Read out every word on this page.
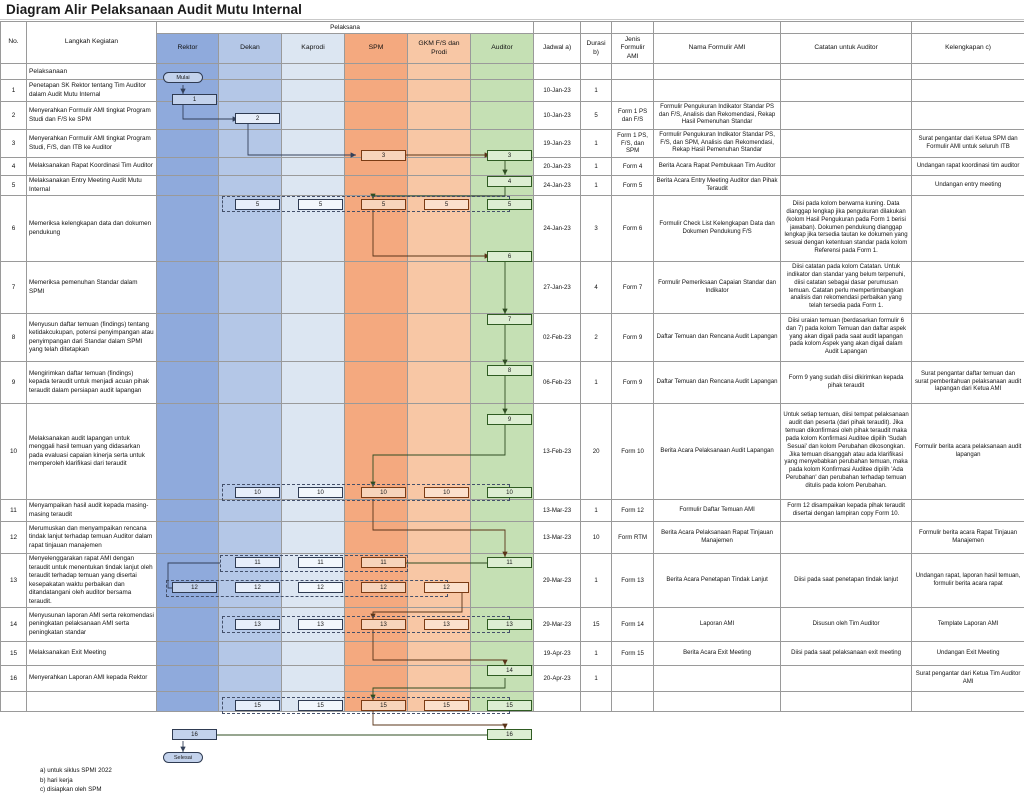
Diagram Alir Pelaksanaan Audit Mutu Internal
No.	Langkah Kegiatan	Pelaksana											
		Rektor	Dekan	Kaprodi	SPM	GKM F/S dan Prodi	Auditor	Jadwal a)	Durasi b)	Jenis Formulir AMI	Nama Formulir AMI	Catatan untuk Auditor	Kelengkapan c)
	Pelaksanaan												
1	Penetapan SK Rektor tentang Tim Auditor dalam Audit Mutu Internal							10-Jan-23	1				
2	Menyerahkan Formulir AMI tingkat Program Studi dan F/S ke SPM							10-Jan-23	5	Form 1 PS dan F/S	Formulir Pengukuran Indikator Standar PS dan F/S, Analisis dan Rekomendasi, Rekap Hasil Pemenuhan Standar		
3	Menyerahkan Formulir AMI tingkat Program Studi, F/S, dan ITB ke Auditor							19-Jan-23	1	Form 1 PS, F/S, dan SPM	Formulir Pengukuran Indikator Standar PS, F/S, dan SPM, Analisis dan Rekomendasi, Rekap Hasil Pemenuhan Standar		Surat pengantar dari Ketua SPM dan Formulir AMI untuk seluruh ITB
4	Melaksanakan Rapat Koordinasi Tim Auditor							20-Jan-23	1	Form 4	Berita Acara Rapat Pembukaan Tim Auditor		Undangan rapat koordinasi tim auditor
5	Melaksanakan Entry Meeting Audit Mutu Internal							24-Jan-23	1	Form 5	Berita Acara Entry Meeting Auditor dan Pihak Teraudit		Undangan entry meeting
6	Memeriksa kelengkapan data dan dokumen pendukung							24-Jan-23	3	Form 6	Formulir Check List Kelengkapan Data dan Dokumen Pendukung F/S	Diisi pada kolom berwarna kuning. Data dianggap lengkap jika pengukuran dilakukan (kolom Hasil Pengukuran pada Form 1 berisi jawaban). Dokumen pendukung dianggap lengkap jika tersedia tautan ke dokumen yang sesuai dengan ketentuan standar pada kolom Referensi pada Form 1.	
7	Memeriksa pemenuhan Standar dalam SPMI							27-Jan-23	4	Form 7	Formulir Pemeriksaan Capaian Standar dan Indikator	Diisi catatan pada kolom Catatan. Untuk indikator dan standar yang belum terpenuhi, diisi catatan sebagai dasar perumusan temuan. Catatan perlu mempertimbangkan analisis dan rekomendasi perbaikan yang telah tersedia pada Form 1.	
8	Menyusun daftar temuan (findings) tentang ketidakcukupan, potensi penyimpangan atau penyimpangan dari Standar dalam SPMI yang telah ditetapkan							02-Feb-23	2	Form 9	Daftar Temuan dan Rencana Audit Lapangan	Diisi uraian temuan (berdasarkan formulir 6 dan 7) pada kolom Temuan dan daftar aspek yang akan digali pada saat audit lapangan pada kolom Aspek yang akan digali dalam Audit Lapangan	
9	Mengirimkan daftar temuan (findings) kepada teraudit untuk menjadi acuan pihak teraudit dalam persiapan audit lapangan							06-Feb-23	1	Form 9	Daftar Temuan dan Rencana Audit Lapangan	Form 9 yang sudah diisi dikirimkan kepada pihak teraudit	Surat pengantar daftar temuan dan surat pemberitahuan pelaksanaan audit lapangan dari Ketua AMI
10	Melaksanakan audit lapangan untuk menggali hasil temuan yang didasarkan pada evaluasi capaian kinerja serta untuk memperoleh klarifikasi dari teraudit							13-Feb-23	20	Form 10	Berita Acara Pelaksanaan Audit Lapangan	Untuk setiap temuan, diisi tempat pelaksanaan audit dan peserta (dari pihak teraudit). Jika temuan dikonfirmasi oleh pihak teraudit maka pada kolom Konfirmasi Auditee dipilih 'Sudah Sesuai' dan kolom Perubahan dikosongkan. Jika temuan disanggah atau ada klarifikasi yang menyebabkan perubahan temuan, maka pada kolom Konfirmasi Auditee dipilih 'Ada Perubahan' dan perubahan terhadap temuan ditulis pada kolom Perubahan.	Formulir berita acara pelaksanaan audit lapangan
11	Menyampaikan hasil audit kepada masing-masing teraudit							13-Mar-23	1	Form 12	Formulir Daftar Temuan AMI	Form 12 disampaikan kepada pihak teraudit disertai dengan lampiran copy Form 10.	
12	Merumuskan dan menyampaikan rencana tindak lanjut terhadap temuan Auditor dalam rapat tinjauan manajemen							13-Mar-23	10	Form RTM	Berita Acara Pelaksanaan Rapat Tinjauan Manajemen		Formulir berita acara Rapat Tinjauan Manajemen
13	Menyelenggarakan rapat AMI dengan teraudit untuk menentukan tindak lanjut oleh teraudit terhadap temuan yang disertai kesepakatan waktu perbaikan dan ditandatangani oleh auditor bersama teraudit.							29-Mar-23	1	Form 13	Berita Acara Penetapan Tindak Lanjut	Diisi pada saat penetapan tindak lanjut	Undangan rapat, laporan hasil temuan, formulir berita acara rapat
14	Menyusunan laporan AMI serta rekomendasi peningkatan pelaksanaan AMI serta peningkatan standar							29-Mar-23	15	Form 14	Laporan AMI	Disusun oleh Tim Auditor	Template Laporan AMI
15	Melaksanakan Exit Meeting							19-Apr-23	1	Form 15	Berita Acara Exit Meeting	Diisi pada saat pelaksanaan exit meeting	Undangan Exit Meeting
16	Menyerahkan Laporan AMI kepada Rektor							20-Apr-23	1				Surat pengantar dari Ketua Tim Auditor AMI

Mulai
Selesai
1
2
3	3
4
5	5	5	5	5
6
7
8
9
10	10	10	10	10
11	11	11	11
12	12	12	12	12
13	13	13	13	13
14
15	15	15	15	15
16	16
a) untuk siklus SPMI 2022
b) hari kerja
c) disiapkan oleh SPM
